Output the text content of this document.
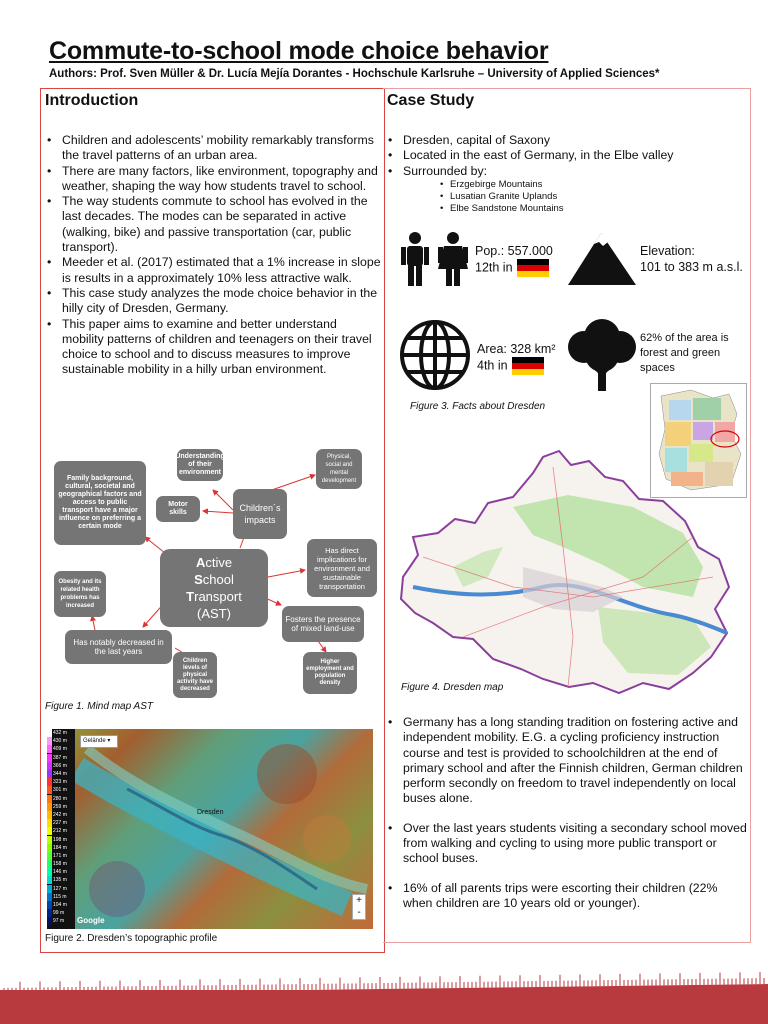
Commute-to-school mode choice behavior
Authors: Prof. Sven Müller & Dr. Lucía Mejía Dorantes - Hochschule Karlsruhe – University of Applied Sciences*
Introduction
• Children and adolescents’ mobility remarkably transforms the travel patterns of an urban area.
• There are many factors, like environment, topography and weather, shaping the way how students travel to school.
• The way students commute to school has evolved in the last decades. The modes can be separated in active (walking, bike) and passive transportation (car, public transport).
• Meeder et al. (2017) estimated that a 1% increase in slope is results in a approximately 10% less attractive walk.
• This case study analyzes the mode choice behavior in the hilly city of Dresden, Germany.
• This paper aims to examine and better understand mobility patterns of children and teenagers on their travel choice to school and to discuss measures to improve sustainable mobility in a hilly urban environment.
Family background, cultural, societal and geographical factors and access to public transport have a major influence on preferring a certain mode
Understanding of their environment
Physical, social and mental development
Motor skills	Children´s impacts
Active
School
Transport
(AST)
Has direct implications for environment and sustainable transportation
Obesity and its related health problems has increased
Fosters the presence of mixed land-use
Has notably decreased in the last years
Children levels of physical activity have decreased
Higher employment and population density
Figure 1. Mind map AST
432 m
430 m
409 m
387 m
366 m
344 m
323 m
301 m
280 m
259 m
242 m
227 m
212 m
198 m
184 m
171 m
158 m
146 m
135 m
127 m
115 m
104 m
99 m
97 m
Gelände ▾
Dresden
Google
+
-
Figure 2. Dresden’s topographic profile
Case Study
• Dresden, capital of Saxony
• Located in the east of Germany, in the Elbe valley
• Surrounded by:
• Erzgebirge Mountains
• Lusatian Granite Uplands
• Elbe Sandstone Mountains
Pop.: 557.000
12th in
Elevation:
101 to 383 m a.s.l.
Area: 328 km²
4th in
62% of the area is forest and green spaces
Figure 3. Facts about Dresden
Figure 4. Dresden map
• Germany has a long standing tradition on fostering active and independent mobility. E.G. a cycling proficiency instruction course and test is provided to schoolchildren at the end of primary school and after the Finnish children, German children perform secondly on freedom to travel independently on local buses alone.
• Over the last years students visiting a secondary school moved from walking and cycling to using more public transport or school buses.
• 16% of all parents trips were escorting their children (22% when children are 10 years old or younger).
